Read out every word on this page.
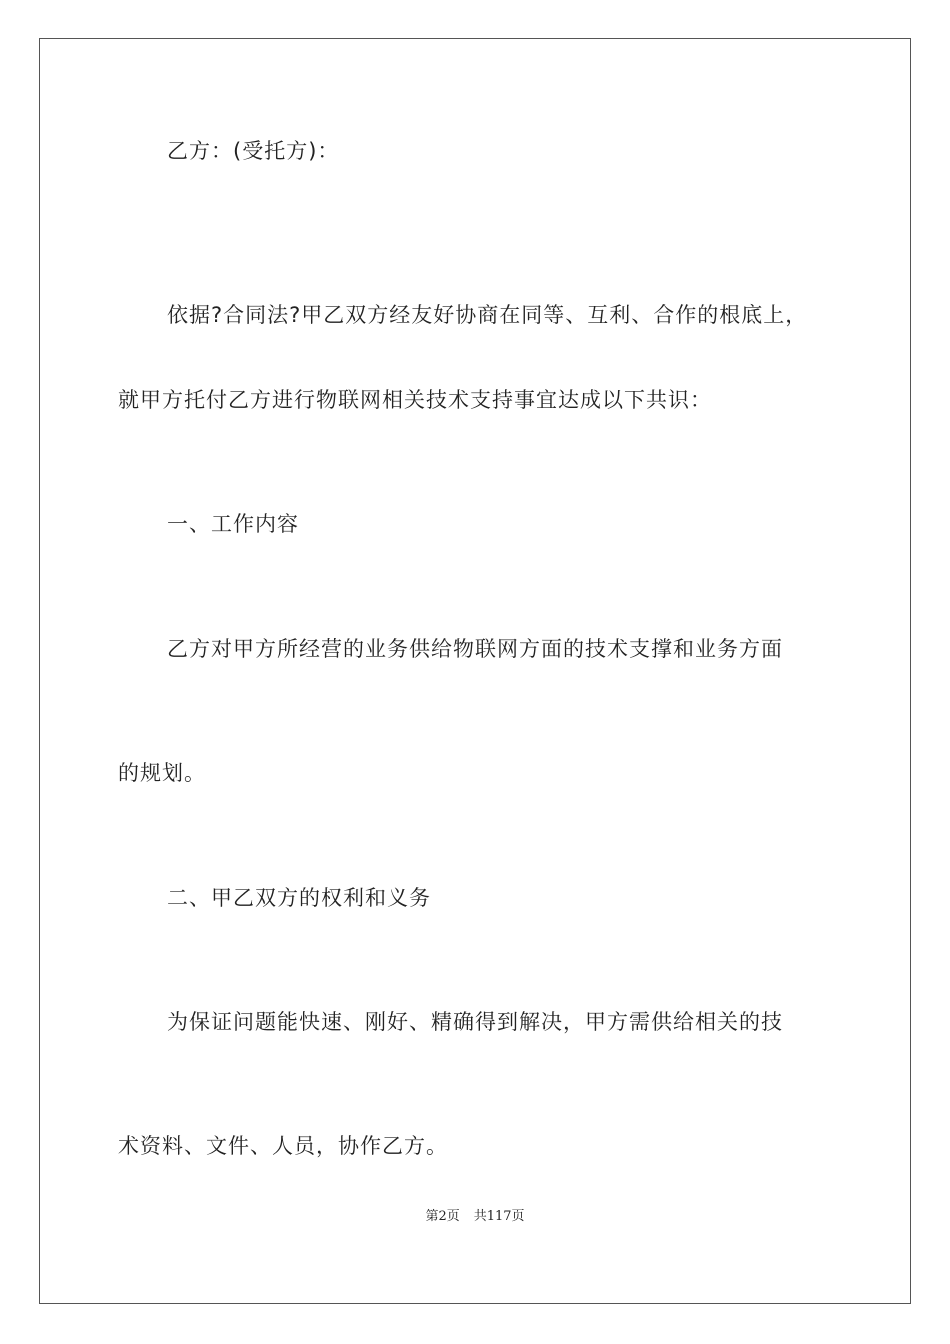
乙方：(受托方)：

依据?合同法?甲乙双方经友好协商在同等、互利、合作的根底上，

就甲方托付乙方进行物联网相关技术支持事宜达成以下共识：

一、工作内容

乙方对甲方所经营的业务供给物联网方面的技术支撑和业务方面

的规划。

二、甲乙双方的权利和义务

为保证问题能快速、刚好、精确得到解决，甲方需供给相关的技

术资料、文件、人员，协作乙方。

第2页 共117页
